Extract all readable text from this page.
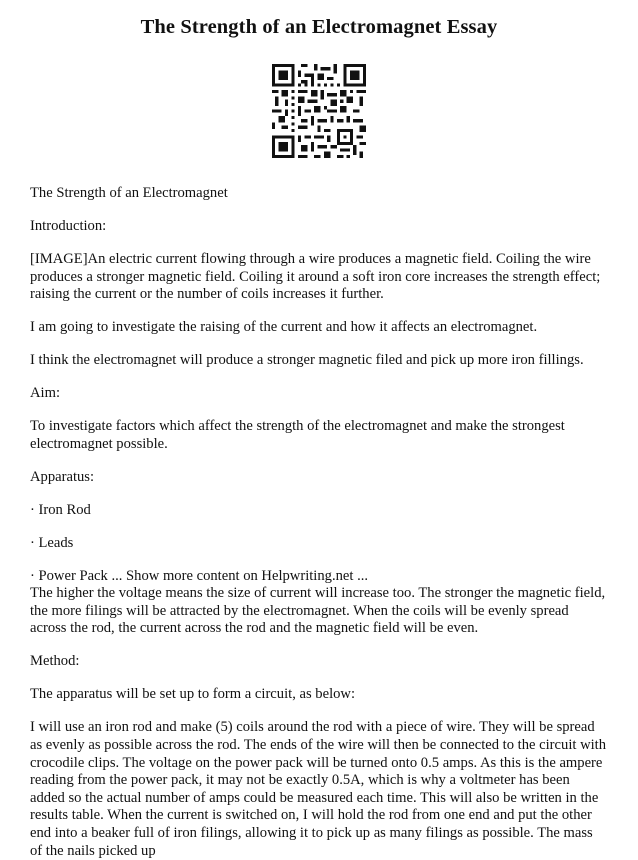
The Strength of an Electromagnet Essay

The Strength of an Electromagnet

Introduction:

[IMAGE]An electric current flowing through a wire produces a magnetic field. Coiling the wire produces a stronger magnetic field. Coiling it around a soft iron core increases the strength effect; raising the current or the number of coils increases it further.

I am going to investigate the raising of the current and how it affects an electromagnet.

I think the electromagnet will produce a stronger magnetic filed and pick up more iron fillings.

Aim:

To investigate factors which affect the strength of the electromagnet and make the strongest electromagnet possible.

Apparatus:

· Iron Rod

· Leads

· Power Pack ... Show more content on Helpwriting.net ...

The higher the voltage means the size of current will increase too. The stronger the magnetic field, the more filings will be attracted by the electromagnet. When the coils will be evenly spread across the rod, the current across the rod and the magnetic field will be even.

Method:

The apparatus will be set up to form a circuit, as below:

I will use an iron rod and make (5) coils around the rod with a piece of wire. They will be spread as evenly as possible across the rod. The ends of the wire will then be connected to the circuit with crocodile clips. The voltage on the power pack will be turned onto 0.5 amps. As this is the ampere reading from the power pack, it may not be exactly 0.5A, which is why a voltmeter has been added so the actual number of amps could be measured each time. This will also be written in the results table. When the current is switched on, I will hold the rod from one end and put the other end into a beaker full of iron filings, allowing it to pick up as many filings as possible. The mass of the nails picked up
